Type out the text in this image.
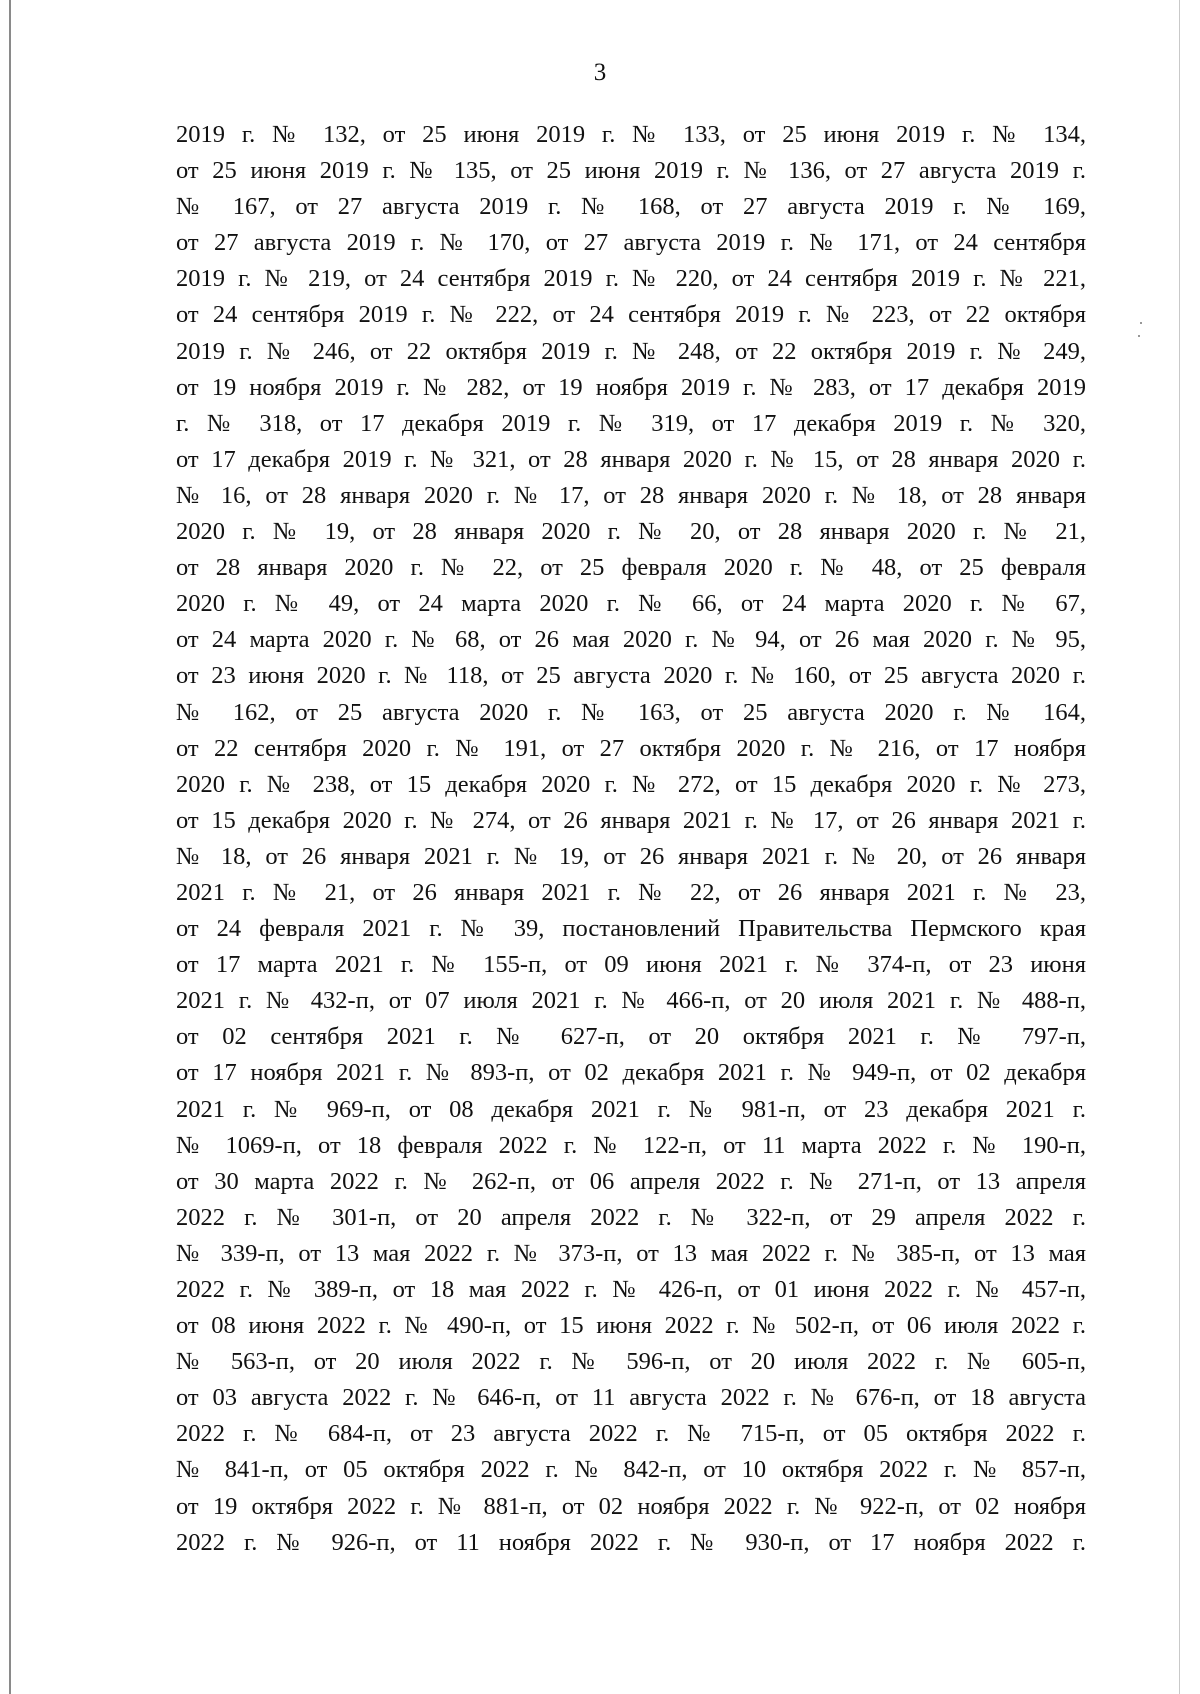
3
2019 г. № 132, от 25 июня 2019 г. № 133, от 25 июня 2019 г. № 134,
от 25 июня 2019 г. № 135, от 25 июня 2019 г. № 136, от 27 августа 2019 г.
№ 167, от 27 августа 2019 г. № 168, от 27 августа 2019 г. № 169,
от 27 августа 2019 г. № 170, от 27 августа 2019 г. № 171, от 24 сентября
2019 г. № 219, от 24 сентября 2019 г. № 220, от 24 сентября 2019 г. № 221,
от 24 сентября 2019 г. № 222, от 24 сентября 2019 г. № 223, от 22 октября
2019 г. № 246, от 22 октября 2019 г. № 248, от 22 октября 2019 г. № 249,
от 19 ноября 2019 г. № 282, от 19 ноября 2019 г. № 283, от 17 декабря 2019
г. № 318, от 17 декабря 2019 г. № 319, от 17 декабря 2019 г. № 320,
от 17 декабря 2019 г. № 321, от 28 января 2020 г. № 15, от 28 января 2020 г.
№ 16, от 28 января 2020 г. № 17, от 28 января 2020 г. № 18, от 28 января
2020 г. № 19, от 28 января 2020 г. № 20, от 28 января 2020 г. № 21,
от 28 января 2020 г. № 22, от 25 февраля 2020 г. № 48, от 25 февраля
2020 г. № 49, от 24 марта 2020 г. № 66, от 24 марта 2020 г. № 67,
от 24 марта 2020 г. № 68, от 26 мая 2020 г. № 94, от 26 мая 2020 г. № 95,
от 23 июня 2020 г. № 118, от 25 августа 2020 г. № 160, от 25 августа 2020 г.
№ 162, от 25 августа 2020 г. № 163, от 25 августа 2020 г. № 164,
от 22 сентября 2020 г. № 191, от 27 октября 2020 г. № 216, от 17 ноября
2020 г. № 238, от 15 декабря 2020 г. № 272, от 15 декабря 2020 г. № 273,
от 15 декабря 2020 г. № 274, от 26 января 2021 г. № 17, от 26 января 2021 г.
№ 18, от 26 января 2021 г. № 19, от 26 января 2021 г. № 20, от 26 января
2021 г. № 21, от 26 января 2021 г. № 22, от 26 января 2021 г. № 23,
от 24 февраля 2021 г. № 39, постановлений Правительства Пермского края
от 17 марта 2021 г. № 155-п, от 09 июня 2021 г. № 374-п, от 23 июня
2021 г. № 432-п, от 07 июля 2021 г. № 466-п, от 20 июля 2021 г. № 488-п,
от 02 сентября 2021 г. № 627-п, от 20 октября 2021 г. № 797-п,
от 17 ноября 2021 г. № 893-п, от 02 декабря 2021 г. № 949-п, от 02 декабря
2021 г. № 969-п, от 08 декабря 2021 г. № 981-п, от 23 декабря 2021 г.
№ 1069-п, от 18 февраля 2022 г. № 122-п, от 11 марта 2022 г. № 190-п,
от 30 марта 2022 г. № 262-п, от 06 апреля 2022 г. № 271-п, от 13 апреля
2022 г. № 301-п, от 20 апреля 2022 г. № 322-п, от 29 апреля 2022 г.
№ 339-п, от 13 мая 2022 г. № 373-п, от 13 мая 2022 г. № 385-п, от 13 мая
2022 г. № 389-п, от 18 мая 2022 г. № 426-п, от 01 июня 2022 г. № 457-п,
от 08 июня 2022 г. № 490-п, от 15 июня 2022 г. № 502-п, от 06 июля 2022 г.
№ 563-п, от 20 июля 2022 г. № 596-п, от 20 июля 2022 г. № 605-п,
от 03 августа 2022 г. № 646-п, от 11 августа 2022 г. № 676-п, от 18 августа
2022 г. № 684-п, от 23 августа 2022 г. № 715-п, от 05 октября 2022 г.
№ 841-п, от 05 октября 2022 г. № 842-п, от 10 октября 2022 г. № 857-п,
от 19 октября 2022 г. № 881-п, от 02 ноября 2022 г. № 922-п, от 02 ноября
2022 г. № 926-п, от 11 ноября 2022 г. № 930-п, от 17 ноября 2022 г.
